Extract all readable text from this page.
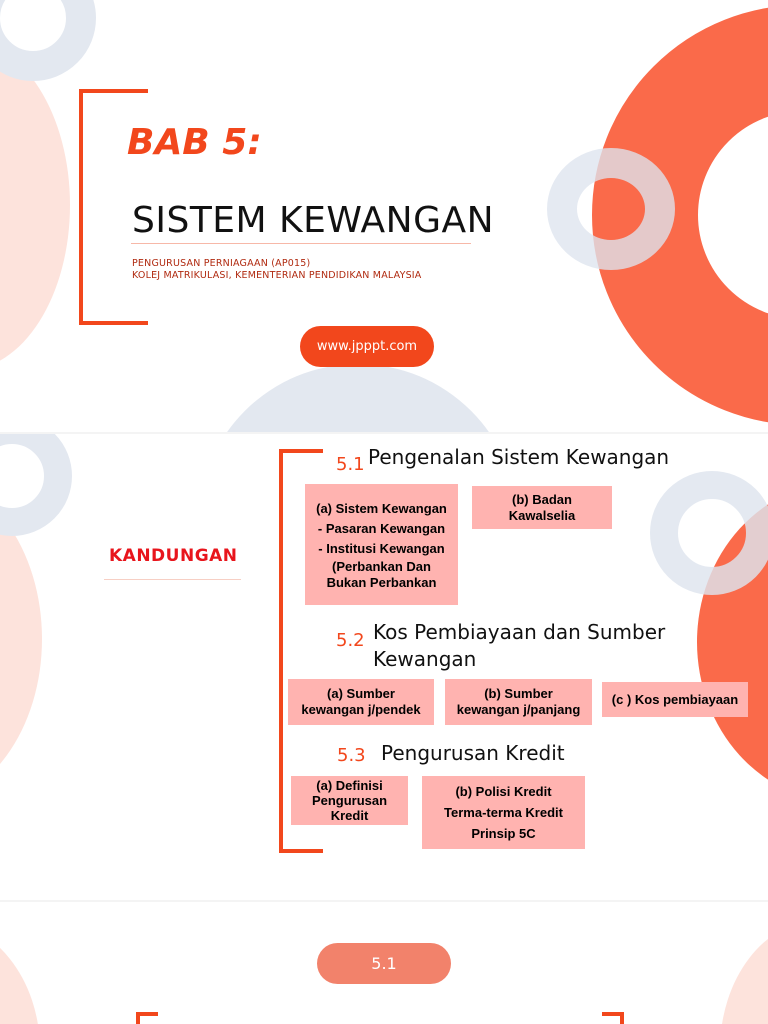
BAB 5:
SISTEM KEWANGAN
PENGURUSAN PERNIAGAAN (AP015)
KOLEJ MATRIKULASI, KEMENTERIAN PENDIDIKAN MALAYSIA
www.jpppt.com
KANDUNGAN
5.1 Pengenalan Sistem Kewangan
(a) Sistem Kewangan
- Pasaran Kewangan
- Institusi Kewangan
(Perbankan Dan
Bukan Perbankan
(b) Badan
Kawalselia
5.2 Kos Pembiayaan dan Sumber
Kewangan
(a) Sumber
kewangan j/pendek
(b) Sumber
kewangan j/panjang
(c ) Kos pembiayaan
5.3 Pengurusan Kredit
(a) Definisi
Pengurusan
Kredit
(b) Polisi Kredit
Terma-terma Kredit
Prinsip 5C
5.1
